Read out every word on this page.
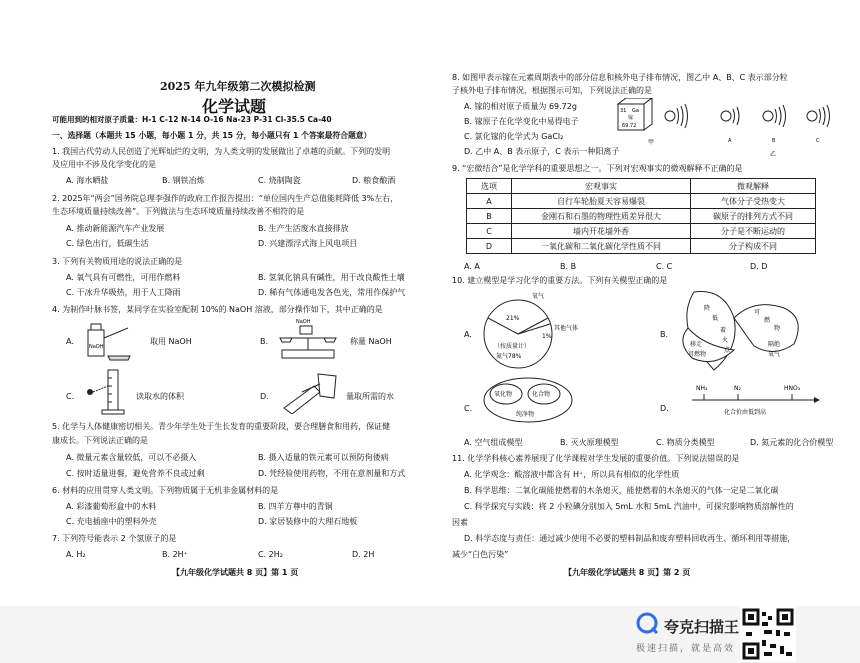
2025 年九年级第二次模拟检测
化学试题
可能用到的相对原子质量：H-1 C-12 N-14 O-16 Na-23 P-31 Cl-35.5 Ca-40
一、选择题（本题共 15 小题，每小题 1 分，共 15 分，每小题只有 1 个答案最符合题意）
1. 我国古代劳动人民创造了光辉灿烂的文明，为人类文明的发展做出了卓越的贡献。下列的发明
及应用中不涉及化学变化的是
A. 海水晒盐	B. 钢铁冶炼	C. 烧制陶瓷	D. 粮食酿酒
2. 2025年“两会”国务院总理李强作的政府工作报告提出：“单位国内生产总值能耗降低 3%左右，
生态环境质量持续改善”。下列做法与生态环境质量持续改善不相符的是
A. 推动新能源汽车产业发展	B. 生产生活废水直接排放
C. 绿色出行，低碳生活	D. 兴建漂浮式海上风电项目
3. 下列有关物质用途的说法正确的是
A. 氧气具有可燃性，可用作燃料	B. 氢氧化钠具有碱性，用于改良酸性土壤
C. 干冰升华吸热，用于人工降雨	D. 稀有气体通电发各色光，常用作保护气
4. 为制作叶脉书签，某同学在实验室配制 10%的 NaOH 溶液，部分操作如下，其中正确的是
A.
NaOH
取用 NaOH	B.
NaOH
称量 NaOH
C.	读取水的体积	D.	量取所需的水
5. 化学与人体健康密切相关。青少年学生处于生长发育的重要阶段，要合理膳食和用药，保证健
康成长。下列说法正确的是
A. 微量元素含量较低，可以不必摄入	B. 摄入适量的铁元素可以预防佝偻病
C. 按时适量进餐，避免营养不良或过剩	D. 凭经验使用药物，不用在意剂量和方式
6. 材料的应用贯穿人类文明。下列物质属于无机非金属材料的是
A. 彩漆葡萄形盒中的木料	B. 四羊方尊中的青铜
C. 充电插座中的塑料外壳	D. 家居装修中的大理石地板
7. 下列符号能表示 2 个氢原子的是
A. H₂	B. 2H⁺	C. 2H₂	D. 2H
【九年级化学试题共 8 页】第 1 页
8. 如图甲表示镓在元素周期表中的部分信息和核外电子排布情况，图乙中 A、B、C 表示部分粒
子核外电子排布情况，根据图示可知，下列说法正确的是
A. 镓的相对原子质量为 69.72g
B. 镓原子在化学变化中易得电子
C. 氯化镓的化学式为 GaCl₂
D. 乙中 A、B 表示原子，C 表示一种阳离子
31 Ga
镓
69.72
甲	A	B	C
乙
9. “宏微结合”是化学学科的重要思想之一。下列对宏观事实的微观解释不正确的是
选项	宏观事实	微观解释
A	自行车轮胎夏天容易爆裂	气体分子受热变大
B	金刚石和石墨的物理性质差异很大	碳原子的排列方式不同
C	墙内开花墙外香	分子是不断运动的
D	一氧化碳和二氧化碳化学性质不同	分子构成不同
A. A	B. B	C. C	D. D
10. 建立模型是学习化学的重要方法。下列有关模型正确的是
A.
氧气
21%
其他气体
1%
（按质量计）
氮气78%
B.
降
低
着
火
点
可
燃
物
移走
可燃物
隔绝
氧气
C.
氧化物	化合物
纯净物
D.
NH₃	N₂	HNO₃
化合价由低到高
A. 空气组成模型	B. 灭火原理模型	C. 物质分类模型	D. 氮元素的化合价模型
11. 化学学科核心素养展现了化学课程对学生发展的重要价值。下列说法错误的是
A. 化学观念：酸溶液中都含有 H⁺，所以具有相似的化学性质
B. 科学思维：二氧化碳能使燃着的木条熄灭，能使燃着的木条熄灭的气体一定是二氧化碳
C. 科学探究与实践：将 2 小粒碘分别加入 5mL 水和 5mL 汽油中，可探究影响物质溶解性的
因素
D. 科学态度与责任：通过减少使用不必要的塑料制品和废弃塑料回收再生、循环利用等措施，
减少“白色污染”
【九年级化学试题共 8 页】第 2 页
夸克扫描王
极速扫描，就是高效
